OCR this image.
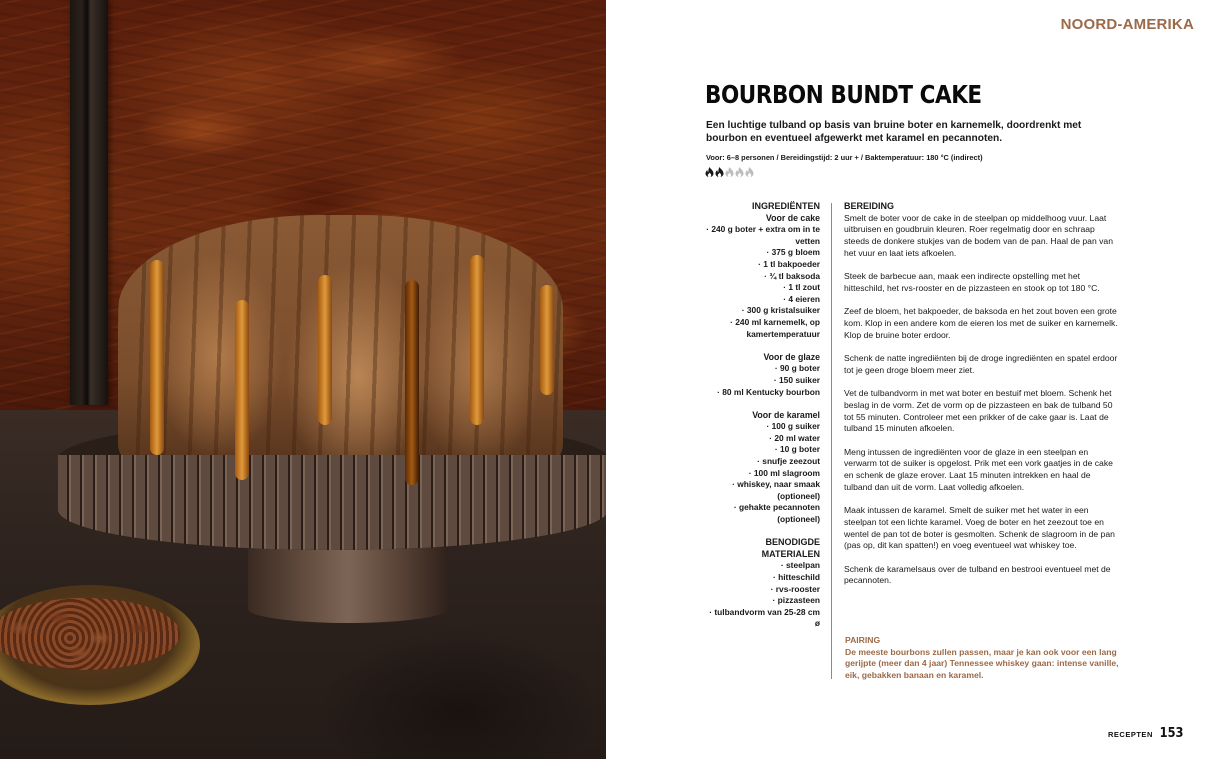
NOORD-AMERIKA
BOURBON BUNDT CAKE

Een luchtige tulband op basis van bruine boter en karnemelk, doordrenkt met bourbon en eventueel afgewerkt met karamel en pecannoten.

Voor: 6–8 personen / Bereidingstijd: 2 uur + / Baktemperatuur: 180 °C (indirect)

INGREDIËNTEN
Voor de cake
· 240 g boter + extra om in te vetten
· 375 g bloem
· 1 tl bakpoeder
· ¾ tl baksoda
· 1 tl zout
· 4 eieren
· 300 g kristalsuiker
· 240 ml karnemelk, op kamertemperatuur
Voor de glaze
· 90 g boter
· 150 suiker
· 80 ml Kentucky bourbon
Voor de karamel
· 100 g suiker
· 20 ml water
· 10 g boter
· snufje zeezout
· 100 ml slagroom
· whiskey, naar smaak (optioneel)
· gehakte pecannoten (optioneel)
BENODIGDE
MATERIALEN
· steelpan
· hitteschild
· rvs-rooster
· pizzasteen
· tulbandvorm van 25-28 cm ø
BEREIDING

Smelt de boter voor de cake in de steelpan op middelhoog vuur. Laat uitbruisen en goudbruin kleuren. Roer regelmatig door en schraap steeds de donkere stukjes van de bodem van de pan. Haal de pan van het vuur en laat iets afkoelen.

Steek de barbecue aan, maak een indirecte opstelling met het hitteschild, het rvs-rooster en de pizzasteen en stook op tot 180 °C.

Zeef de bloem, het bakpoeder, de baksoda en het zout boven een grote kom. Klop in een andere kom de eieren los met de suiker en karnemelk. Klop de bruine boter erdoor.

Schenk de natte ingrediënten bij de droge ingrediënten en spatel erdoor tot je geen droge bloem meer ziet.

Vet de tulbandvorm in met wat boter en bestuif met bloem. Schenk het beslag in de vorm. Zet de vorm op de pizzasteen en bak de tulband 50 tot 55 minuten. Controleer met een prikker of de cake gaar is. Laat de tulband 15 minuten afkoelen.

Meng intussen de ingrediënten voor de glaze in een steelpan en verwarm tot de suiker is opgelost. Prik met een vork gaatjes in de cake en schenk de glaze erover. Laat 15 minuten intrekken en haal de tulband dan uit de vorm. Laat volledig afkoelen.

Maak intussen de karamel. Smelt de suiker met het water in een steelpan tot een lichte karamel. Voeg de boter en het zeezout toe en wentel de pan tot de boter is gesmolten. Schenk de slagroom in de pan (pas op, dit kan spatten!) en voeg eventueel wat whiskey toe.

Schenk de karamelsaus over de tulband en bestrooi eventueel met de pecannoten.

PAIRING
De meeste bourbons zullen passen, maar je kan ook voor een lang gerijpte (meer dan 4 jaar) Tennessee whiskey gaan: intense vanille, eik, gebakken banaan en karamel.
RECEPTEN 153
